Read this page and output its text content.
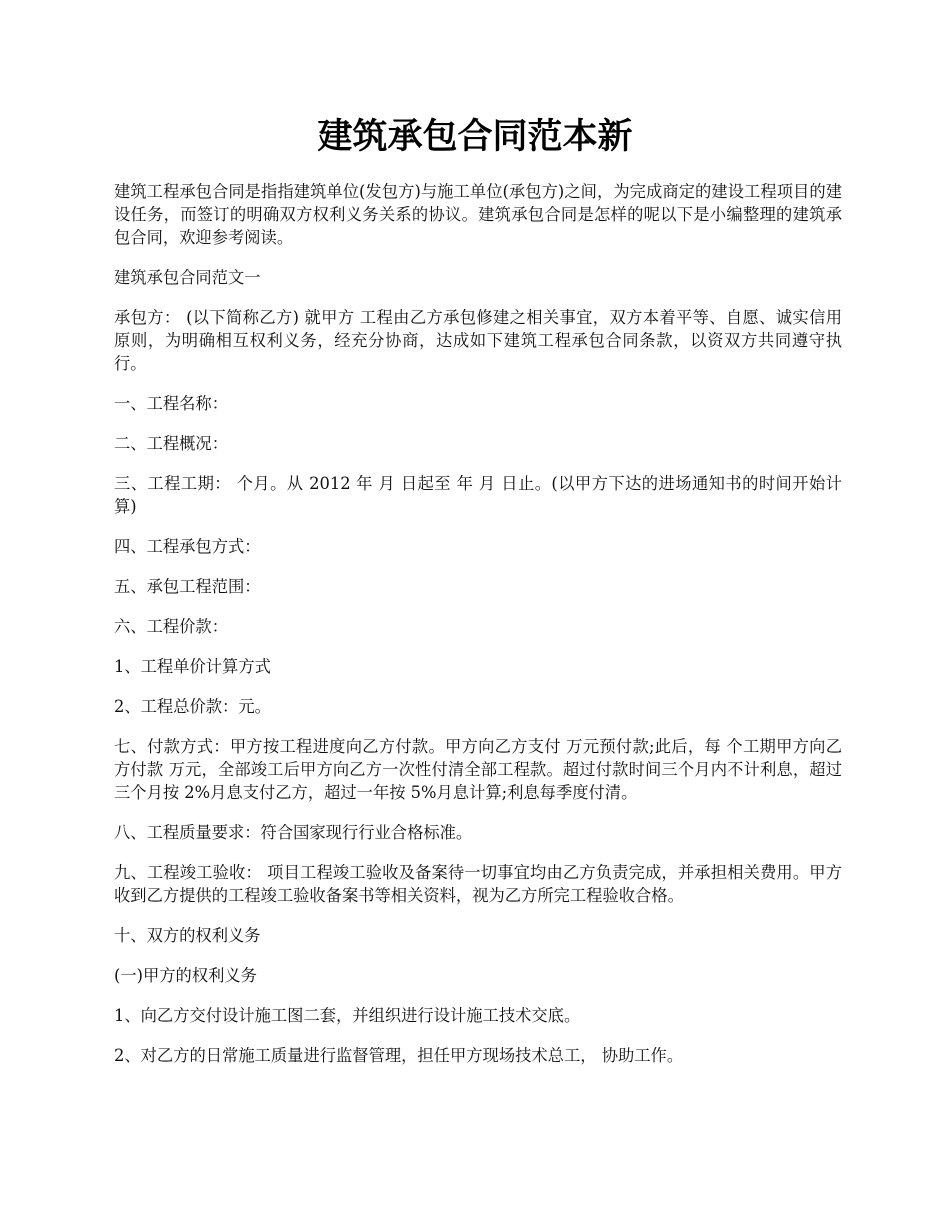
建筑承包合同范本新

建筑工程承包合同是指指建筑单位(发包方)与施工单位(承包方)之间，为完成商定的建设工程项目的建设任务，而签订的明确双方权利义务关系的协议。建筑承包合同是怎样的呢以下是小编整理的建筑承包合同，欢迎参考阅读。

建筑承包合同范文一

承包方： (以下简称乙方) 就甲方 工程由乙方承包修建之相关事宜，双方本着平等、自愿、诚实信用原则，为明确相互权利义务，经充分协商，达成如下建筑工程承包合同条款，以资双方共同遵守执行。

一、工程名称：

二、工程概况：

三、工程工期： 个月。从 2012 年 月 日起至 年 月 日止。(以甲方下达的进场通知书的时间开始计算)

四、工程承包方式：

五、承包工程范围：

六、工程价款：

1、工程单价计算方式

2、工程总价款：元。

七、付款方式：甲方按工程进度向乙方付款。甲方向乙方支付 万元预付款;此后，每 个工期甲方向乙方付款 万元，全部竣工后甲方向乙方一次性付清全部工程款。超过付款时间三个月内不计利息，超过三个月按 2%月息支付乙方，超过一年按 5%月息计算;利息每季度付清。

八、工程质量要求：符合国家现行行业合格标准。

九、工程竣工验收： 项目工程竣工验收及备案待一切事宜均由乙方负责完成，并承担相关费用。甲方收到乙方提供的工程竣工验收备案书等相关资料，视为乙方所完工程验收合格。

十、双方的权利义务

(一)甲方的权利义务

1、向乙方交付设计施工图二套，并组织进行设计施工技术交底。

2、对乙方的日常施工质量进行监督管理，担任甲方现场技术总工， 协助工作。
